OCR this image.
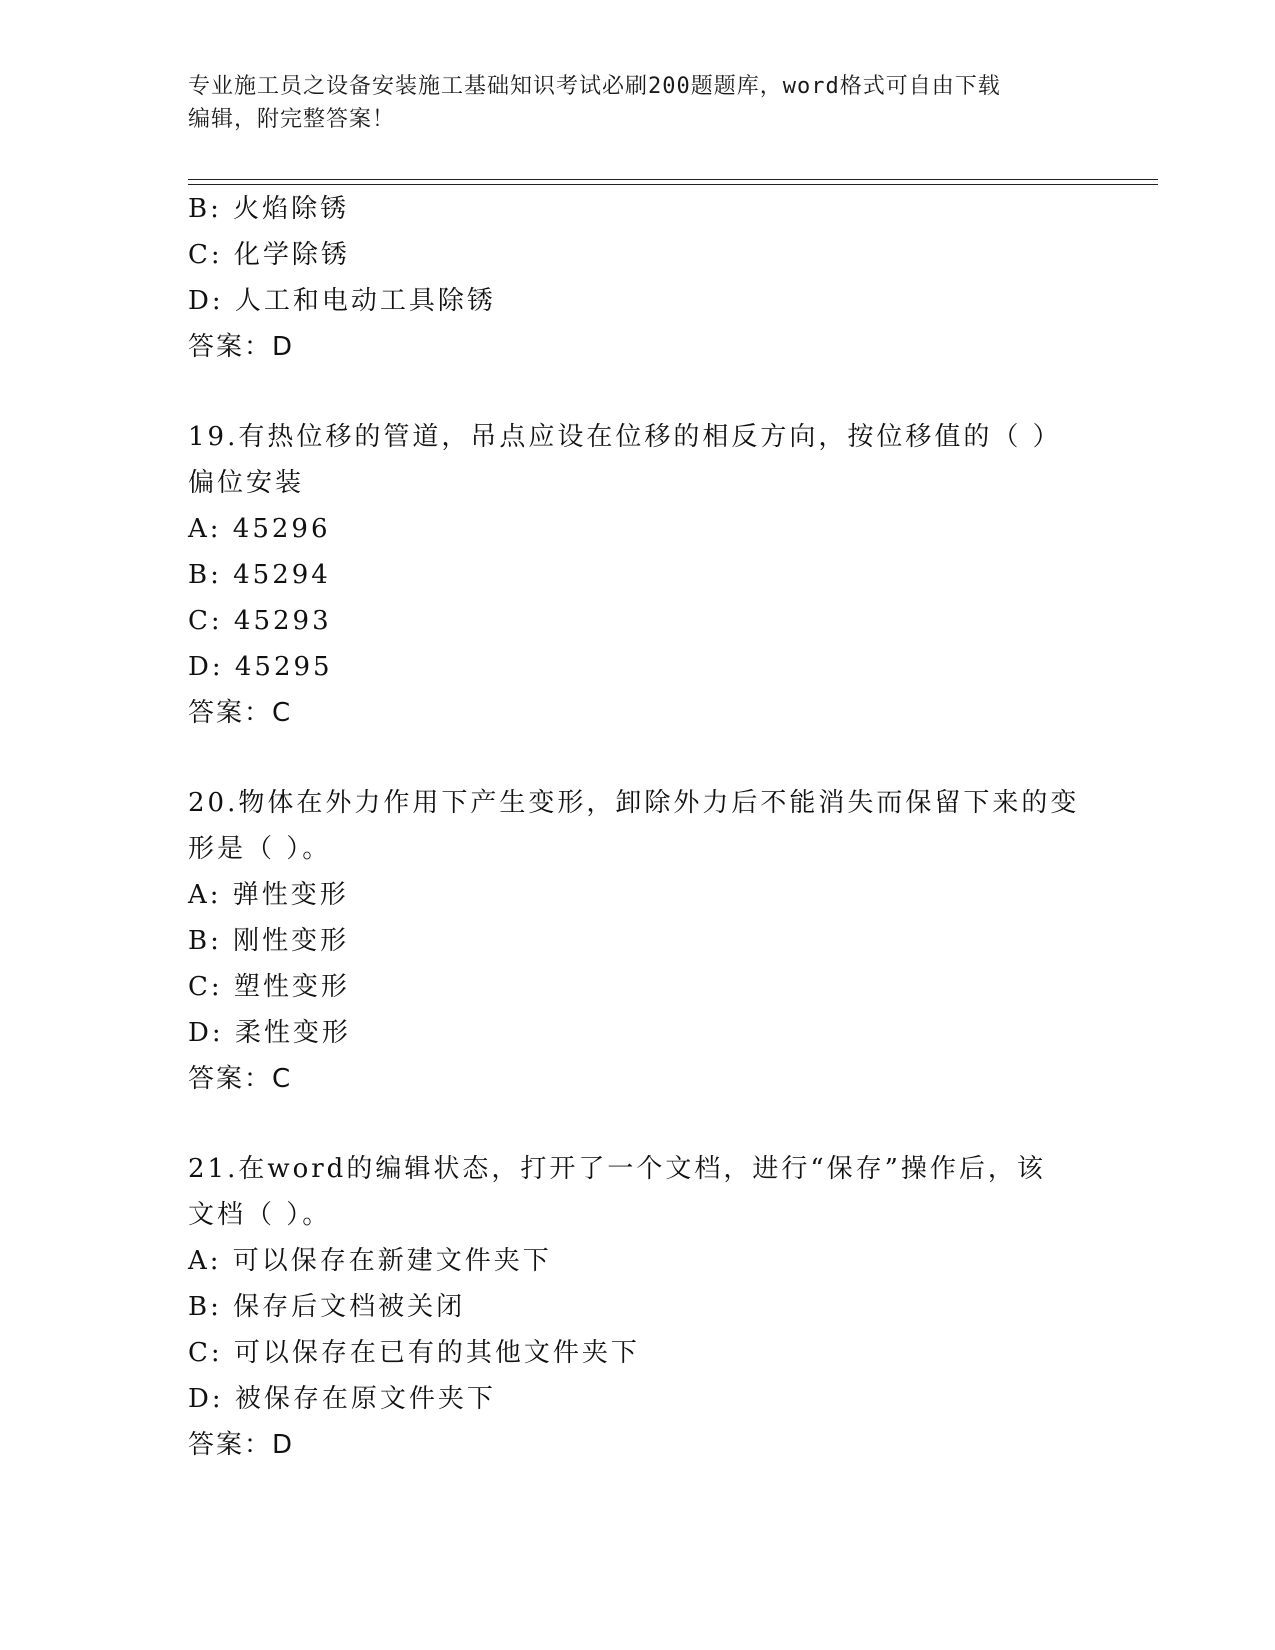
专业施工员之设备安装施工基础知识考试必刷200题题库，word格式可自由下载
编辑，附完整答案！
B: 火焰除锈
C: 化学除锈
D: 人工和电动工具除锈
答案：D
19.有热位移的管道，吊点应设在位移的相反方向，按位移值的（ ）
偏位安装
A: 45296
B: 45294
C: 45293
D: 45295
答案：C
20.物体在外力作用下产生变形，卸除外力后不能消失而保留下来的变
形是（ ）。
A: 弹性变形
B: 刚性变形
C: 塑性变形
D: 柔性变形
答案：C
21.在word的编辑状态，打开了一个文档，进行“保存”操作后，该
文档（ ）。
A: 可以保存在新建文件夹下
B: 保存后文档被关闭
C: 可以保存在已有的其他文件夹下
D: 被保存在原文件夹下
答案：D
